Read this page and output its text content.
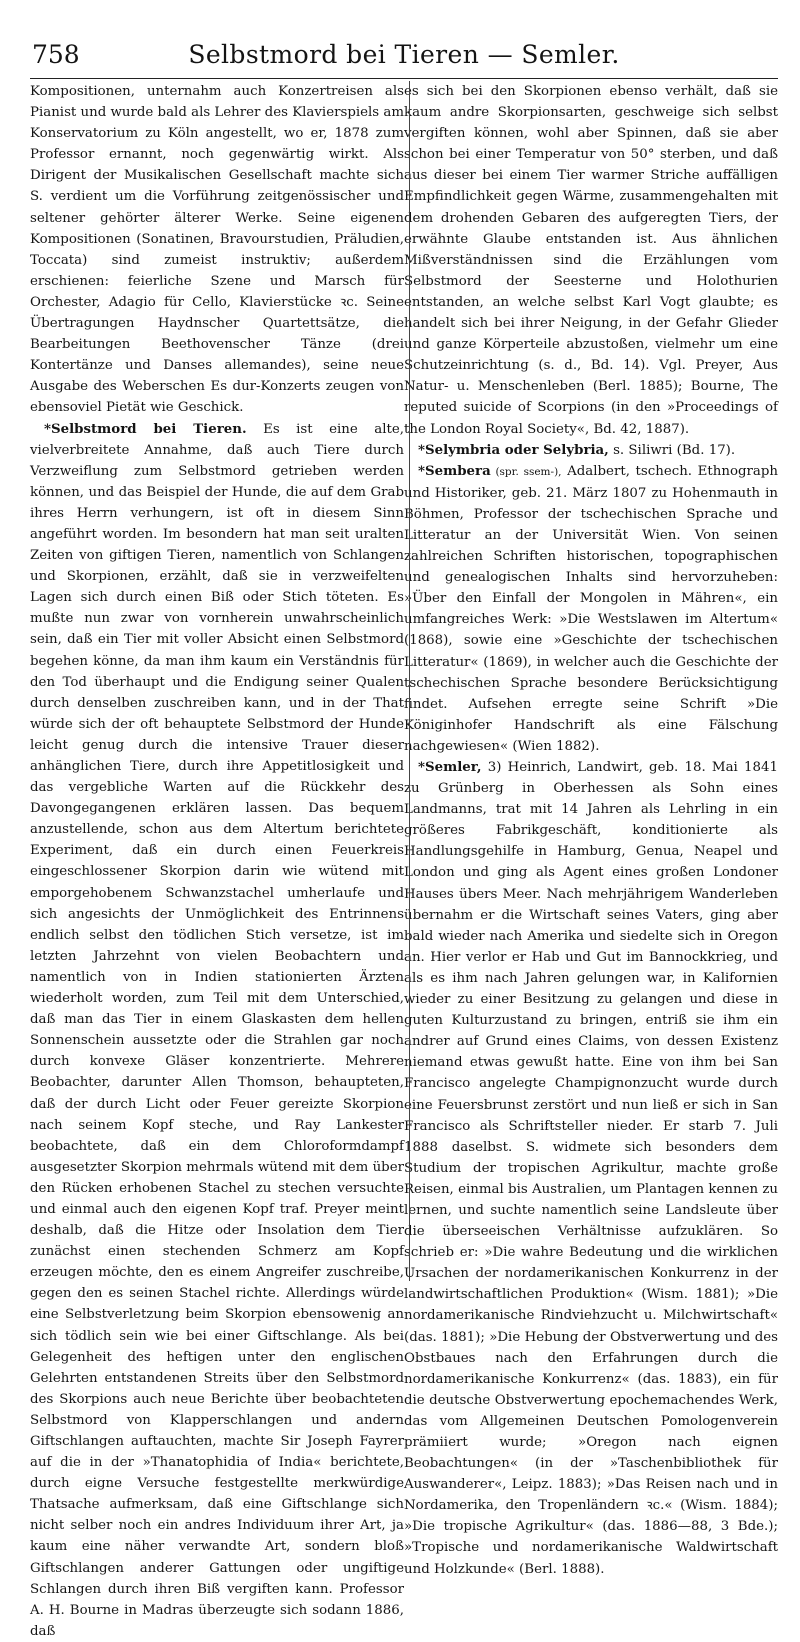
758	Selbstmord bei Tieren — Semler.

Kompositionen, unternahm auch Konzertreisen als Pianist und wurde bald als Lehrer des Klavierspiels am Konservatorium zu Köln angestellt, wo er, 1878 zum Professor ernannt, noch gegenwärtig wirkt. Als Dirigent der Musikalischen Gesellschaft machte sich S. verdient um die Vorführung zeitgenössischer und seltener gehörter älterer Werke. Seine eigenen Kompositionen (Sonatinen, Bravourstudien, Präludien, Toccata) sind zumeist instruktiv; außerdem erschienen: feierliche Szene und Marsch für Orchester, Adagio für Cello, Klavierstücke ꝛc. Seine Übertragungen Haydnscher Quartettsätze, die Bearbeitungen Beethovenscher Tänze (drei Kontertänze und Danses allemandes), seine neue Ausgabe des Weberschen Es dur-Konzerts zeugen von ebensoviel Pietät wie Geschick.

*Selbstmord bei Tieren. Es ist eine alte, vielverbreitete Annahme, daß auch Tiere durch Verzweiflung zum Selbstmord getrieben werden können, und das Beispiel der Hunde, die auf dem Grab ihres Herrn verhungern, ist oft in diesem Sinn angeführt worden. Im besondern hat man seit uralten Zeiten von giftigen Tieren, namentlich von Schlangen und Skorpionen, erzählt, daß sie in verzweifelten Lagen sich durch einen Biß oder Stich töteten. Es mußte nun zwar von vornherein unwahrscheinlich sein, daß ein Tier mit voller Absicht einen Selbstmord begehen könne, da man ihm kaum ein Verständnis für den Tod überhaupt und die Endigung seiner Qualen durch denselben zuschreiben kann, und in der That würde sich der oft behauptete Selbstmord der Hunde leicht genug durch die intensive Trauer dieser anhänglichen Tiere, durch ihre Appetitlosigkeit und das vergebliche Warten auf die Rückkehr des Davongegangenen erklären lassen. Das bequem anzustellende, schon aus dem Altertum berichtete Experiment, daß ein durch einen Feuerkreis eingeschlossener Skorpion darin wie wütend mit emporgehobenem Schwanzstachel umherlaufe und sich angesichts der Unmöglichkeit des Entrinnens endlich selbst den tödlichen Stich versetze, ist im letzten Jahrzehnt von vielen Beobachtern und namentlich von in Indien stationierten Ärzten wiederholt worden, zum Teil mit dem Unterschied, daß man das Tier in einem Glaskasten dem hellen Sonnenschein aussetzte oder die Strahlen gar noch durch konvexe Gläser konzentrierte. Mehrere Beobachter, darunter Allen Thomson, behaupteten, daß der durch Licht oder Feuer gereizte Skorpion nach seinem Kopf steche, und Ray Lankester beobachtete, daß ein dem Chloroformdampf ausgesetzter Skorpion mehrmals wütend mit dem über den Rücken erhobenen Stachel zu stechen versuchte und einmal auch den eigenen Kopf traf. Preyer meint deshalb, daß die Hitze oder Insolation dem Tier zunächst einen stechenden Schmerz am Kopf erzeugen möchte, den es einem Angreifer zuschreibe, gegen den es seinen Stachel richte. Allerdings würde eine Selbstverletzung beim Skorpion ebensowenig an sich tödlich sein wie bei einer Giftschlange. Als bei Gelegenheit des heftigen unter den englischen Gelehrten entstandenen Streits über den Selbstmord des Skorpions auch neue Berichte über beobachteten Selbstmord von Klapperschlangen und andern Giftschlangen auftauchten, machte Sir Joseph Fayrer auf die in der »Thanatophidia of India« berichtete, durch eigne Versuche festgestellte merkwürdige Thatsache aufmerksam, daß eine Giftschlange sich nicht selber noch ein andres Individuum ihrer Art, ja kaum eine näher verwandte Art, sondern bloß Giftschlangen anderer Gattungen oder ungiftige Schlangen durch ihren Biß vergiften kann. Professor A. H. Bourne in Madras überzeugte sich sodann 1886, daß

es sich bei den Skorpionen ebenso verhält, daß sie kaum andre Skorpionsarten, geschweige sich selbst vergiften können, wohl aber Spinnen, daß sie aber schon bei einer Temperatur von 50° sterben, und daß aus dieser bei einem Tier warmer Striche auffälligen Empfindlichkeit gegen Wärme, zusammengehalten mit dem drohenden Gebaren des aufgeregten Tiers, der erwähnte Glaube entstanden ist. Aus ähnlichen Mißverständnissen sind die Erzählungen vom Selbstmord der Seesterne und Holothurien entstanden, an welche selbst Karl Vogt glaubte; es handelt sich bei ihrer Neigung, in der Gefahr Glieder und ganze Körperteile abzustoßen, vielmehr um eine Schutzeinrichtung (s. d., Bd. 14). Vgl. Preyer, Aus Natur- u. Menschenleben (Berl. 1885); Bourne, The reputed suicide of Scorpions (in den »Proceedings of the London Royal Society«, Bd. 42, 1887).

*Selymbria oder Selybria, s. Siliwri (Bd. 17).

*Sembera (spr. ssem-), Adalbert, tschech. Ethnograph und Historiker, geb. 21. März 1807 zu Hohenmauth in Böhmen, Professor der tschechischen Sprache und Litteratur an der Universität Wien. Von seinen zahlreichen Schriften historischen, topographischen und genealogischen Inhalts sind hervorzuheben: »Über den Einfall der Mongolen in Mähren«, ein umfangreiches Werk: »Die Westslawen im Altertum« (1868), sowie eine »Geschichte der tschechischen Litteratur« (1869), in welcher auch die Geschichte der tschechischen Sprache besondere Berücksichtigung findet. Aufsehen erregte seine Schrift »Die Königinhofer Handschrift als eine Fälschung nachgewiesen« (Wien 1882).

*Semler, 3) Heinrich, Landwirt, geb. 18. Mai 1841 zu Grünberg in Oberhessen als Sohn eines Landmanns, trat mit 14 Jahren als Lehrling in ein größeres Fabrikgeschäft, konditionierte als Handlungsgehilfe in Hamburg, Genua, Neapel und London und ging als Agent eines großen Londoner Hauses übers Meer. Nach mehrjährigem Wanderleben übernahm er die Wirtschaft seines Vaters, ging aber bald wieder nach Amerika und siedelte sich in Oregon an. Hier verlor er Hab und Gut im Bannockkrieg, und als es ihm nach Jahren gelungen war, in Kalifornien wieder zu einer Besitzung zu gelangen und diese in guten Kulturzustand zu bringen, entriß sie ihm ein andrer auf Grund eines Claims, von dessen Existenz niemand etwas gewußt hatte. Eine von ihm bei San Francisco angelegte Champignonzucht wurde durch eine Feuersbrunst zerstört und nun ließ er sich in San Francisco als Schriftsteller nieder. Er starb 7. Juli 1888 daselbst. S. widmete sich besonders dem Studium der tropischen Agrikultur, machte große Reisen, einmal bis Australien, um Plantagen kennen zu lernen, und suchte namentlich seine Landsleute über die überseeischen Verhältnisse aufzuklären. So schrieb er: »Die wahre Bedeutung und die wirklichen Ursachen der nordamerikanischen Konkurrenz in der landwirtschaftlichen Produktion« (Wism. 1881); »Die nordamerikanische Rindviehzucht u. Milchwirtschaft« (das. 1881); »Die Hebung der Obstverwertung und des Obstbaues nach den Erfahrungen durch die nordamerikanische Konkurrenz« (das. 1883), ein für die deutsche Obstverwertung epochemachendes Werk, das vom Allgemeinen Deutschen Pomologenverein prämiiert wurde; »Oregon nach eignen Beobachtungen« (in der »Taschenbibliothek für Auswanderer«, Leipz. 1883); »Das Reisen nach und in Nordamerika, den Tropenländern ꝛc.« (Wism. 1884); »Die tropische Agrikultur« (das. 1886—88, 3 Bde.); »Tropische und nordamerikanische Waldwirtschaft und Holzkunde« (Berl. 1888).
